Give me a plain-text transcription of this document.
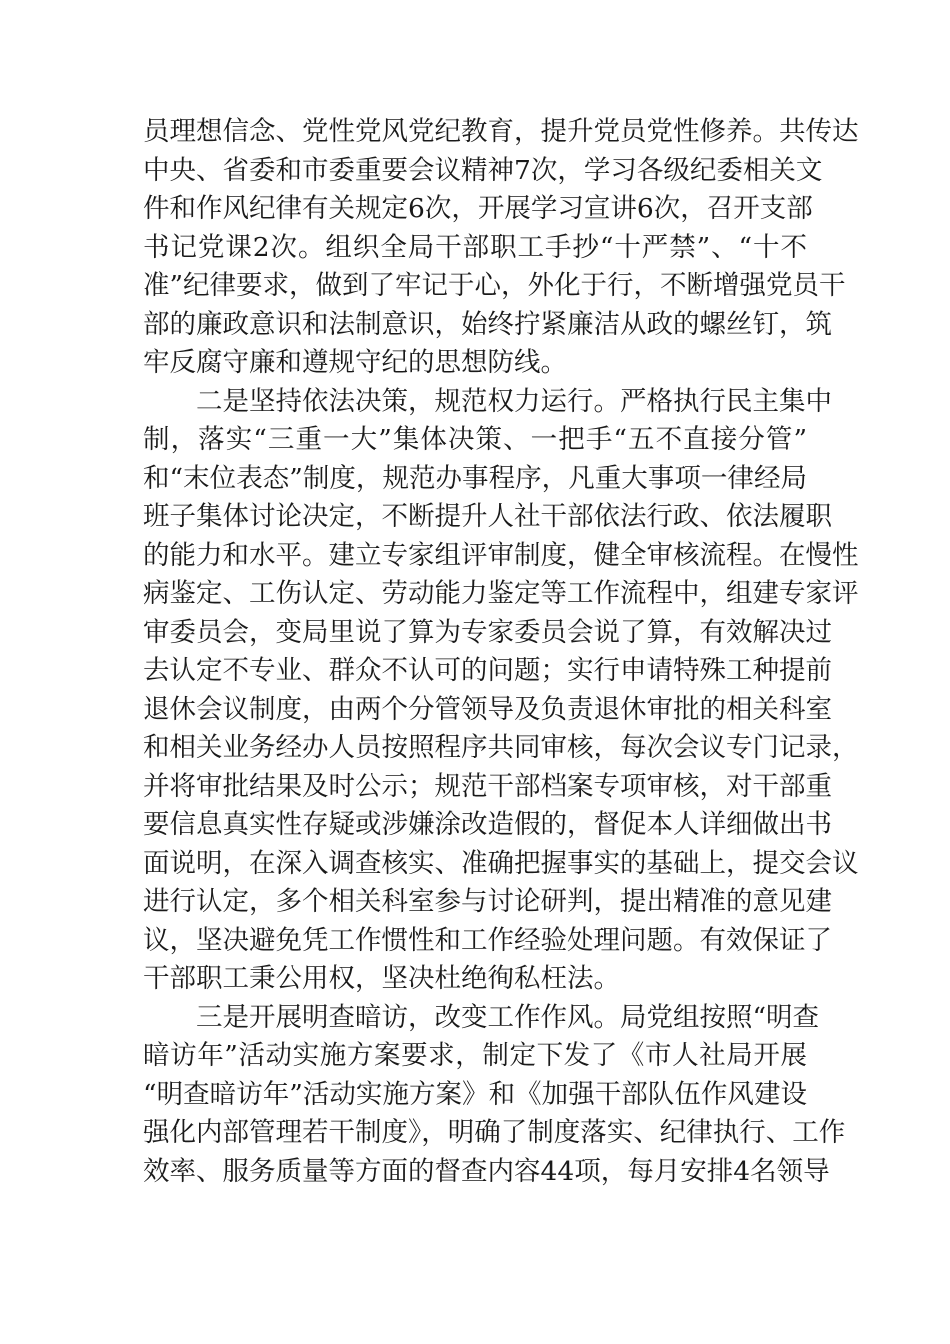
员理想信念、党性党风党纪教育，提升党员党性修养。共传达
中央、省委和市委重要会议精神7次，学习各级纪委相关文
件和作风纪律有关规定6次，开展学习宣讲6次，召开支部
书记党课2次。组织全局干部职工手抄“十严禁”、“十不
准”纪律要求，做到了牢记于心，外化于行，不断增强党员干
部的廉政意识和法制意识，始终拧紧廉洁从政的螺丝钉，筑
牢反腐守廉和遵规守纪的思想防线。
二是坚持依法决策，规范权力运行。严格执行民主集中
制，落实“三重一大”集体决策、一把手“五不直接分管”
和“末位表态”制度，规范办事程序，凡重大事项一律经局
班子集体讨论决定，不断提升人社干部依法行政、依法履职
的能力和水平。建立专家组评审制度，健全审核流程。在慢性
病鉴定、工伤认定、劳动能力鉴定等工作流程中，组建专家评
审委员会，变局里说了算为专家委员会说了算，有效解决过
去认定不专业、群众不认可的问题；实行申请特殊工种提前
退休会议制度，由两个分管领导及负责退休审批的相关科室
和相关业务经办人员按照程序共同审核，每次会议专门记录，
并将审批结果及时公示；规范干部档案专项审核，对干部重
要信息真实性存疑或涉嫌涂改造假的，督促本人详细做出书
面说明，在深入调查核实、准确把握事实的基础上，提交会议
进行认定，多个相关科室参与讨论研判，提出精准的意见建
议，坚决避免凭工作惯性和工作经验处理问题。有效保证了
干部职工秉公用权，坚决杜绝徇私枉法。
三是开展明查暗访，改变工作作风。局党组按照“明查
暗访年”活动实施方案要求，制定下发了《市人社局开展
“明查暗访年”活动实施方案》和《加强干部队伍作风建设
强化内部管理若干制度》，明确了制度落实、纪律执行、工作
效率、服务质量等方面的督查内容44项，每月安排4名领导
